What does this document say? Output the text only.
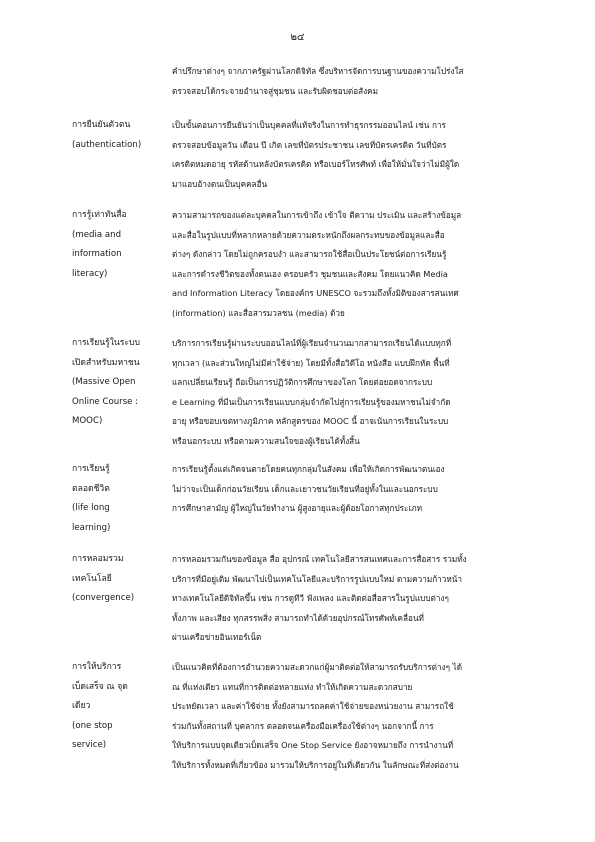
๒๔
คำปรึกษาต่างๆ จากภาครัฐผ่านโลกดิจิทัล ซึ่งบริหารจัดการบนฐานของความโปร่งใส
ตรวจสอบได้กระจายอำนาจสู่ชุมชน และรับผิดชอบต่อสังคม
การยืนยันตัวตน
(authentication)
เป็นขั้นตอนการยืนยันว่าเป็นบุคคลที่แท้จริงในการทำธุรกรรมออนไลน์ เช่น การ
ตรวจสอบข้อมูลวัน เดือน ปี เกิด เลขที่บัตรประชาชน เลขที่บัตรเครดิต วันที่บัตร
เครดิตหมดอายุ รหัสด้านหลังบัตรเครดิต หรือเบอร์โทรศัพท์ เพื่อให้มั่นใจว่าไม่มีผู้ใด
มาแอบอ้างตนเป็นบุคคลอื่น
การรู้เท่าทันสื่อ
(media and
information
literacy)
ความสามารถของแต่ละบุคคลในการเข้าถึง เข้าใจ ตีความ ประเมิน และสร้างข้อมูล
และสื่อในรูปแบบที่หลากหลายด้วยความตระหนักถึงผลกระทบของข้อมูลและสื่อ
ต่างๆ ดังกล่าว โดยไม่ถูกครอบงำ และสามารถใช้สื่อเป็นประโยชน์ต่อการเรียนรู้
และการดำรงชีวิตของทั้งตนเอง ครอบครัว ชุมชนและสังคม โดยแนวคิด Media
and Information Literacy โดยองค์กร UNESCO จะรวมถึงทั้งมิติของสารสนเทศ
(information) และสื่อสารมวลชน (media) ด้วย
การเรียนรู้ในระบบ
เปิดสำหรับมหาชน
(Massive Open
Online Course :
MOOC)
บริการการเรียนรู้ผ่านระบบออนไลน์ที่ผู้เรียนจำนวนมากสามารถเรียนได้แบบทุกที่
ทุกเวลา (และส่วนใหญ่ไม่มีค่าใช้จ่าย) โดยมีทั้งสื่อวิดีโอ หนังสือ แบบฝึกหัด พื้นที่
แลกเปลี่ยนเรียนรู้ ถือเป็นการปฏิวัติการศึกษาของโลก โดยต่อยอดจากระบบ
e Learning ที่มีนเป็นการเรียนแบบกลุ่มจำกัดไปสู่การเรียนรู้ของมหาชนไม่จำกัด
อายุ หรือขอบเขตทางภูมิภาค หลักสูตรของ MOOC นี้ อาจเน้นการเรียนในระบบ
หรือนอกระบบ หรือตามความสนใจของผู้เรียนได้ทั้งสิ้น
การเรียนรู้
ตลอดชีวิต
(life long
learning)
การเรียนรู้ตั้งแต่เกิดจนตายโดยคนทุกกลุ่มในสังคม เพื่อให้เกิดการพัฒนาตนเอง
ไม่ว่าจะเป็นเด็กก่อนวัยเรียน เด็กและเยาวชนวัยเรียนที่อยู่ทั้งในและนอกระบบ
การศึกษาสามัญ ผู้ใหญ่ในวัยทำงาน ผู้สูงอายุและผู้ด้อยโอกาสทุกประเภท
การหลอมรวม
เทคโนโลยี
(convergence)
การหลอมรวมกันของข้อมูล สื่อ อุปกรณ์ เทคโนโลยีสารสนเทศและการสื่อสาร รวมทั้ง
บริการที่มีอยู่เดิม พัฒนาไปเป็นเทคโนโลยีและบริการรูปแบบใหม่ ตามความก้าวหน้า
ทางเทคโนโลยีดิจิทัลขึ้น เช่น การดูทีวี ฟังเพลง และติดต่อสื่อสารในรูปแบบต่างๆ
ทั้งภาพ และเสียง ทุกสรรพสิ่ง สามารถทำได้ด้วยอุปกรณ์โทรศัพท์เคลื่อนที่
ผ่านเครือข่ายอินเทอร์เน็ต
การให้บริการ
เบ็ดเสร็จ ณ จุด
เดียว
(one stop
service)
เป็นแนวคิดที่ต้องการอำนวยความสะดวกแก่ผู้มาติดต่อให้สามารถรับบริการต่างๆ ได้
ณ ที่แห่งเดียว แทนที่การติดต่อหลายแห่ง ทำให้เกิดความสะดวกสบาย
ประหยัดเวลา และค่าใช้จ่าย ทั้งยังสามารถลดค่าใช้จ่ายของหน่วยงาน สามารถใช้
ร่วมกันทั้งสถานที่ บุคลากร ตลอดจนเครื่องมือเครื่องใช้ต่างๆ นอกจากนี้ การ
ให้บริการแบบจุดเดียวเบ็ดเสร็จ One Stop Service ยังอาจหมายถึง การนำงานที่
ให้บริการทั้งหมดที่เกี่ยวข้อง มารวมให้บริการอยู่ในที่เดียวกัน ในลักษณะที่ส่งต่องาน
